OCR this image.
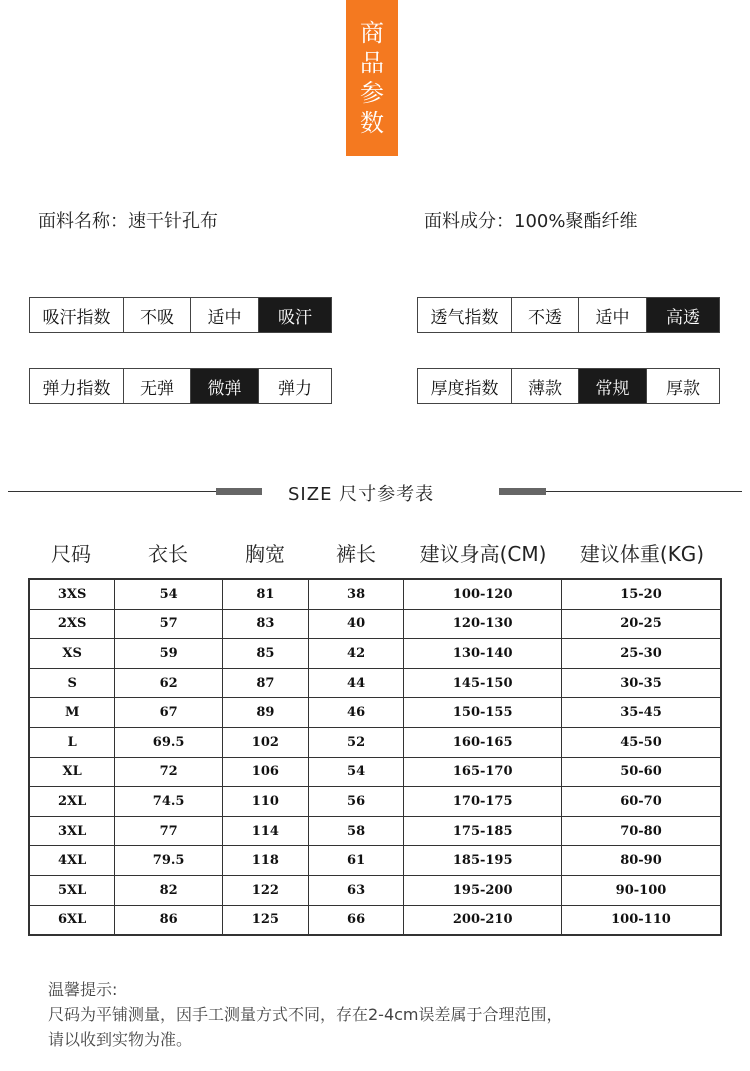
商
品
参
数
面料名称：速干针孔布	面料成分：100%聚酯纤维
吸汗指数	不吸	适中	吸汗	透气指数	不透	适中	高透
弹力指数	无弹	微弹	弹力	厚度指数	薄款	常规	厚款
SIZE 尺寸参考表
尺码	衣长	胸宽	裤长	建议身高(CM)	建议体重(KG)
3XS	54	81	38	100-120	15-20
2XS	57	83	40	120-130	20-25
XS	59	85	42	130-140	25-30
S	62	87	44	145-150	30-35
M	67	89	46	150-155	35-45
L	69.5	102	52	160-165	45-50
XL	72	106	54	165-170	50-60
2XL	74.5	110	56	170-175	60-70
3XL	77	114	58	175-185	70-80
4XL	79.5	118	61	185-195	80-90
5XL	82	122	63	195-200	90-100
6XL	86	125	66	200-210	100-110
温馨提示:
尺码为平铺测量，因手工测量方式不同，存在2-4cm误差属于合理范围，
请以收到实物为准。
